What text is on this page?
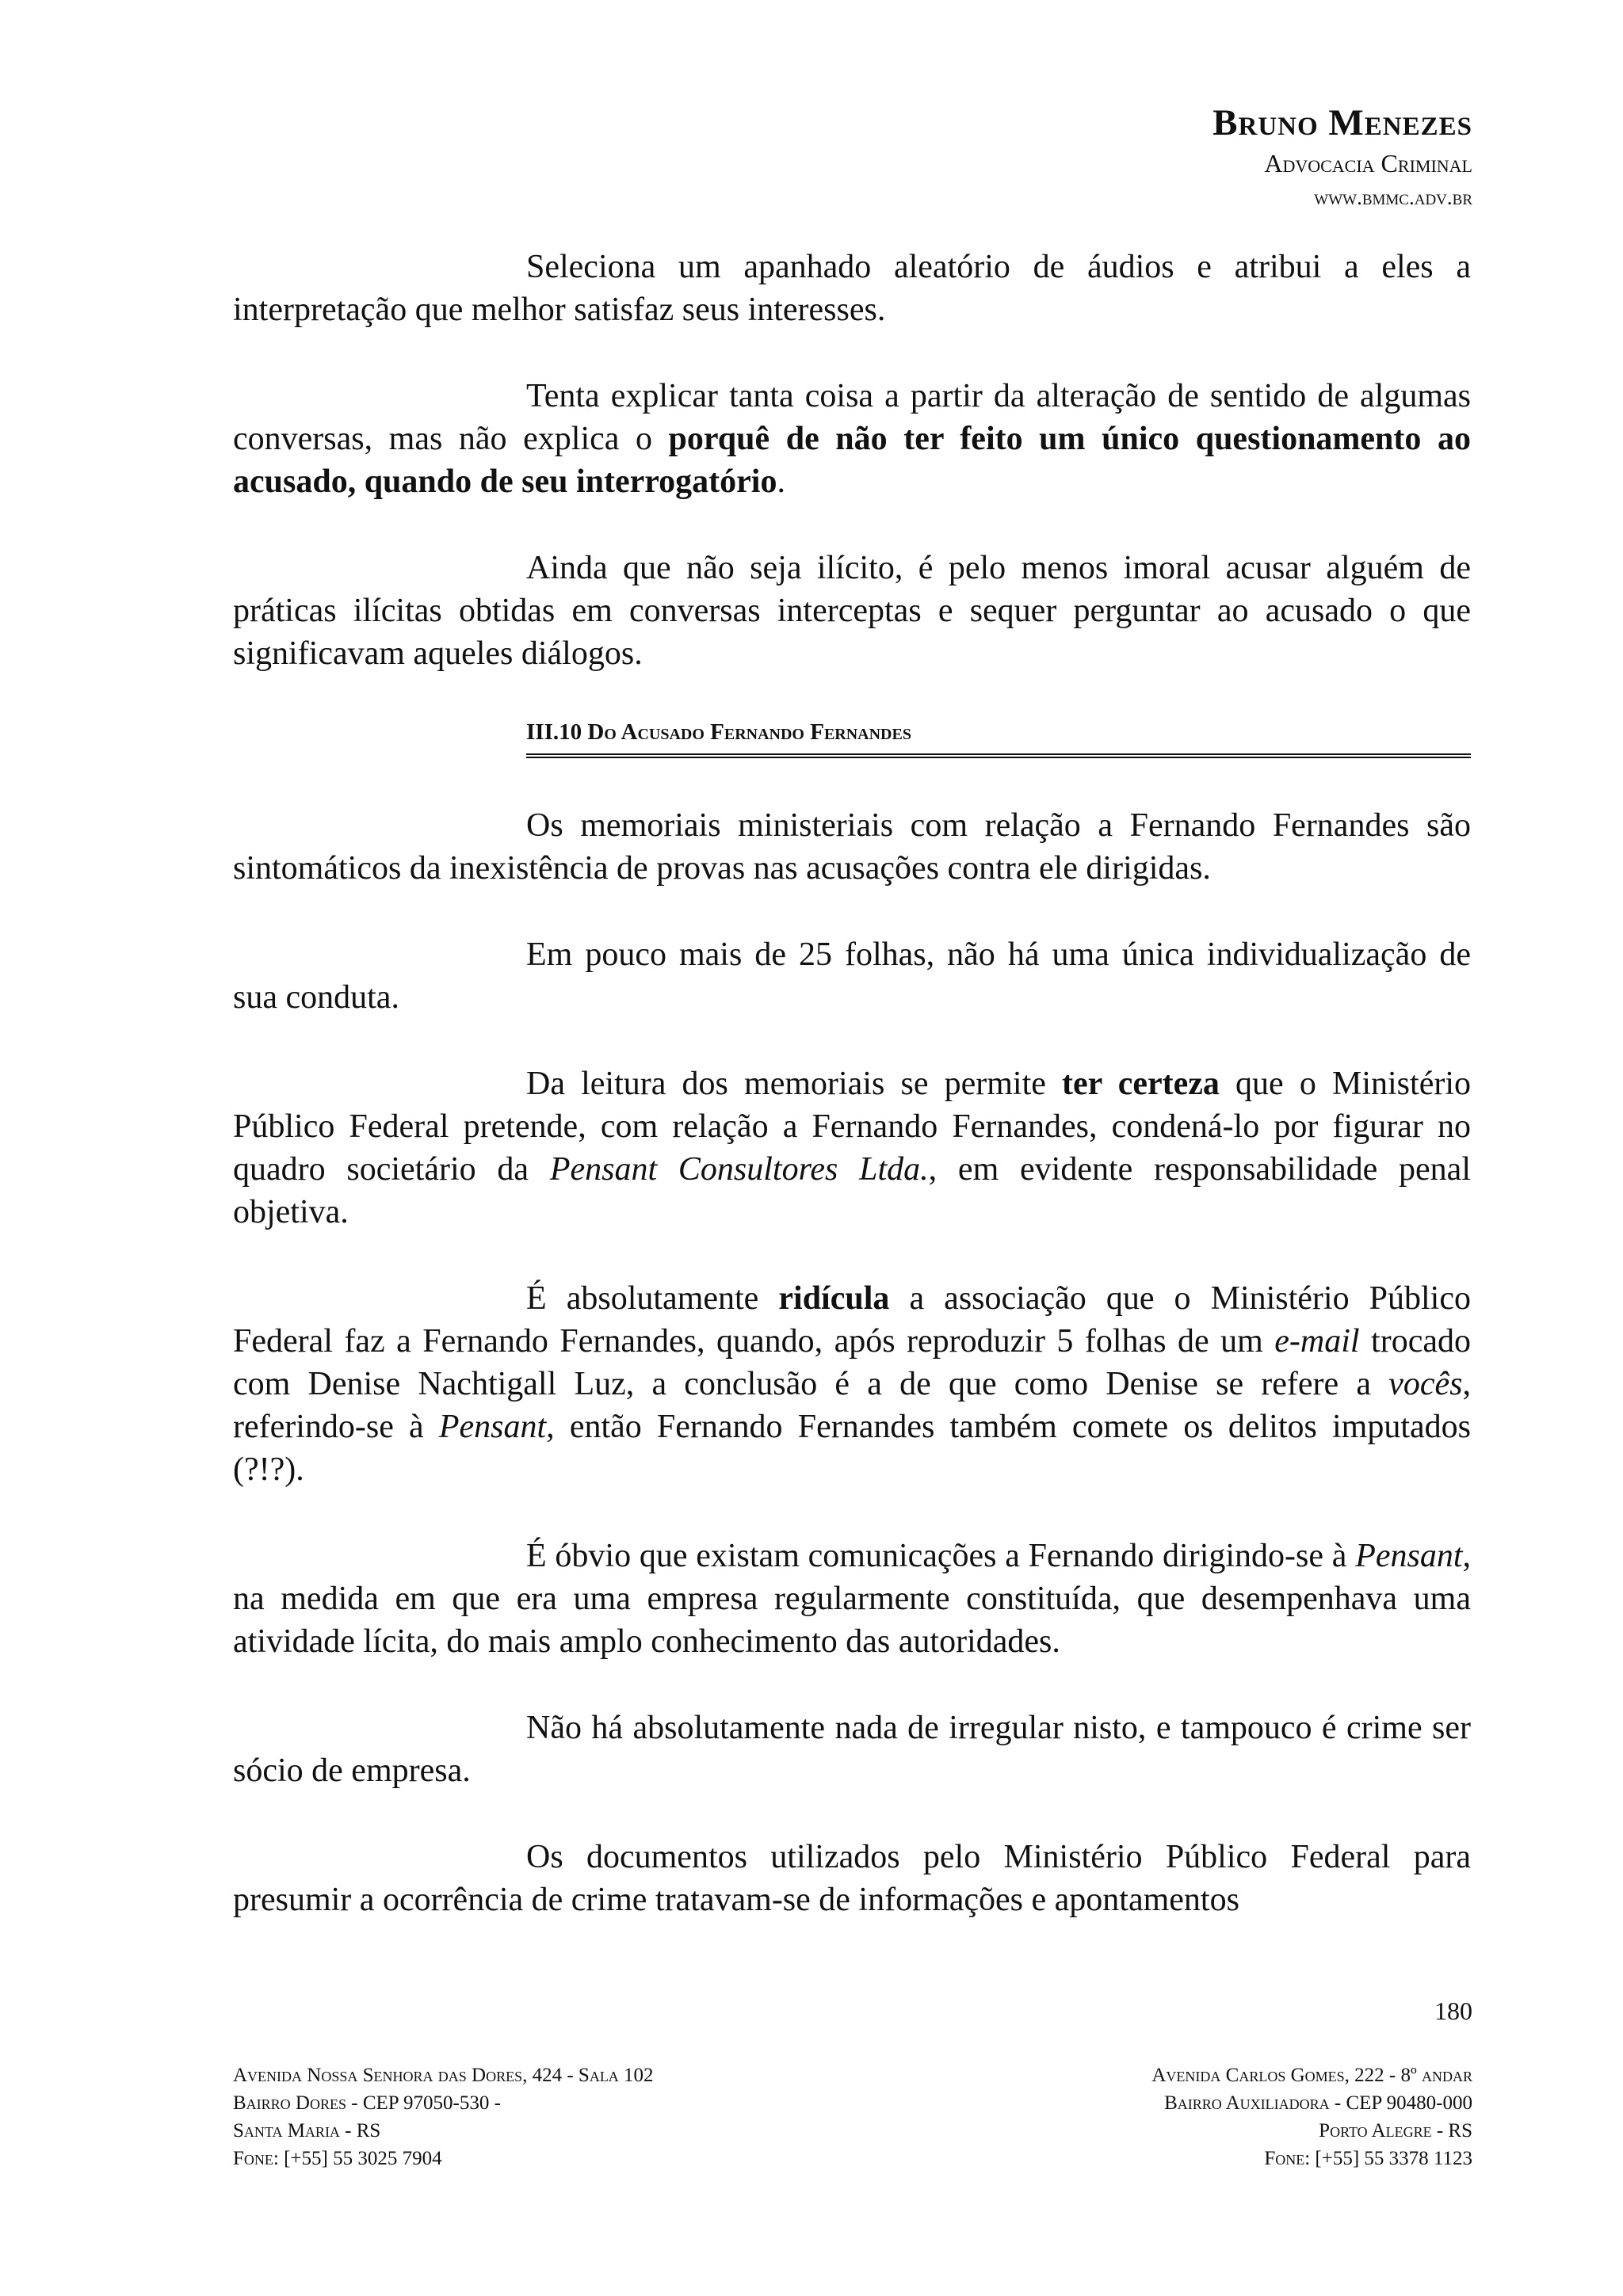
Bruno Menezes
Advocacia Criminal
www.bmmc.adv.br

Seleciona um apanhado aleatório de áudios e atribui a eles a interpretação que melhor satisfaz seus interesses.

Tenta explicar tanta coisa a partir da alteração de sentido de algumas conversas, mas não explica o porquê de não ter feito um único questionamento ao acusado, quando de seu interrogatório.

Ainda que não seja ilícito, é pelo menos imoral acusar alguém de práticas ilícitas obtidas em conversas interceptas e sequer perguntar ao acusado o que significavam aqueles diálogos.

III.10 Do Acusado Fernando Fernandes

Os memoriais ministeriais com relação a Fernando Fernandes são sintomáticos da inexistência de provas nas acusações contra ele dirigidas.

Em pouco mais de 25 folhas, não há uma única individualização de sua conduta.

Da leitura dos memoriais se permite ter certeza que o Ministério Público Federal pretende, com relação a Fernando Fernandes, condená-lo por figurar no quadro societário da Pensant Consultores Ltda., em evidente responsabilidade penal objetiva.

É absolutamente ridícula a associação que o Ministério Público Federal faz a Fernando Fernandes, quando, após reproduzir 5 folhas de um e-mail trocado com Denise Nachtigall Luz, a conclusão é a de que como Denise se refere a vocês, referindo-se à Pensant, então Fernando Fernandes também comete os delitos imputados (?!?).

É óbvio que existam comunicações a Fernando dirigindo-se à Pensant, na medida em que era uma empresa regularmente constituída, que desempenhava uma atividade lícita, do mais amplo conhecimento das autoridades.

Não há absolutamente nada de irregular nisto, e tampouco é crime ser sócio de empresa.

Os documentos utilizados pelo Ministério Público Federal para presumir a ocorrência de crime tratavam-se de informações e apontamentos

180
Avenida Nossa Senhora das Dores, 424 - Sala 102
Bairro Dores - CEP 97050-530 -
Santa Maria - RS
Fone: [+55] 55 3025 7904
Avenida Carlos Gomes, 222 - 8º andar
Bairro Auxiliadora - CEP 90480-000
Porto Alegre - RS
Fone: [+55] 55 3378 1123
